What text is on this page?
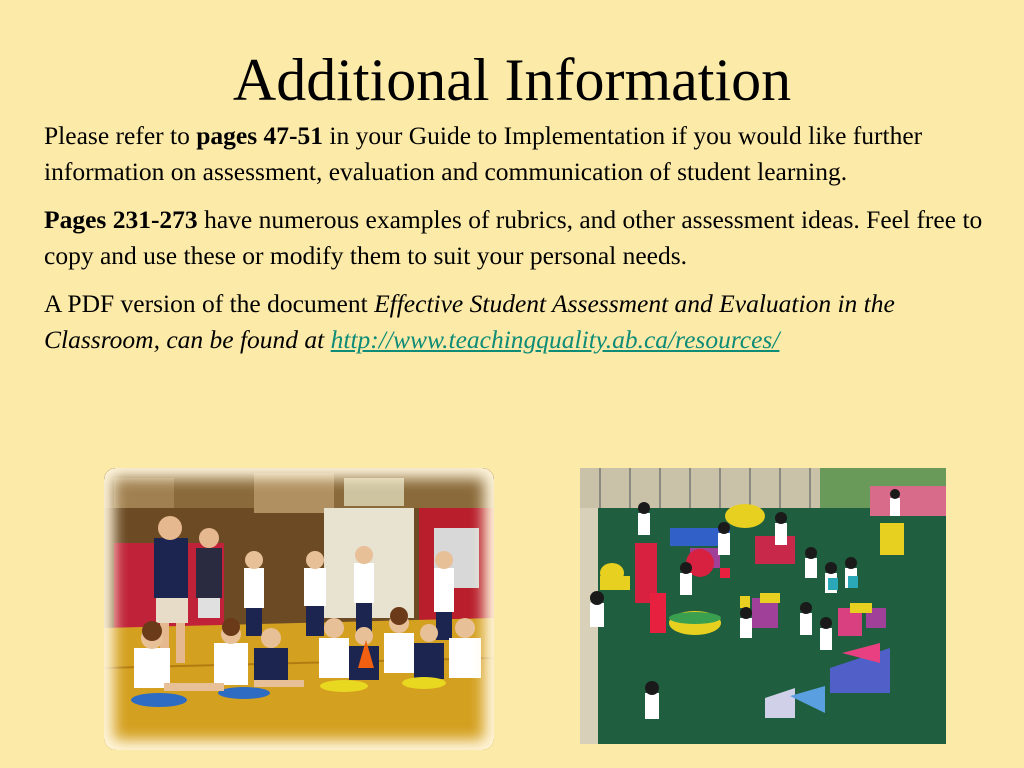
Additional Information

Please refer to pages 47-51 in your Guide to Implementation if you would like further information on assessment, evaluation and communication of student learning.

Pages 231-273 have numerous examples of rubrics, and other assessment ideas. Feel free to copy and use these or modify them to suit your personal needs.

A PDF version of the document Effective Student Assessment and Evaluation in the Classroom, can be found at http://www.teachingquality.ab.ca/resources/
